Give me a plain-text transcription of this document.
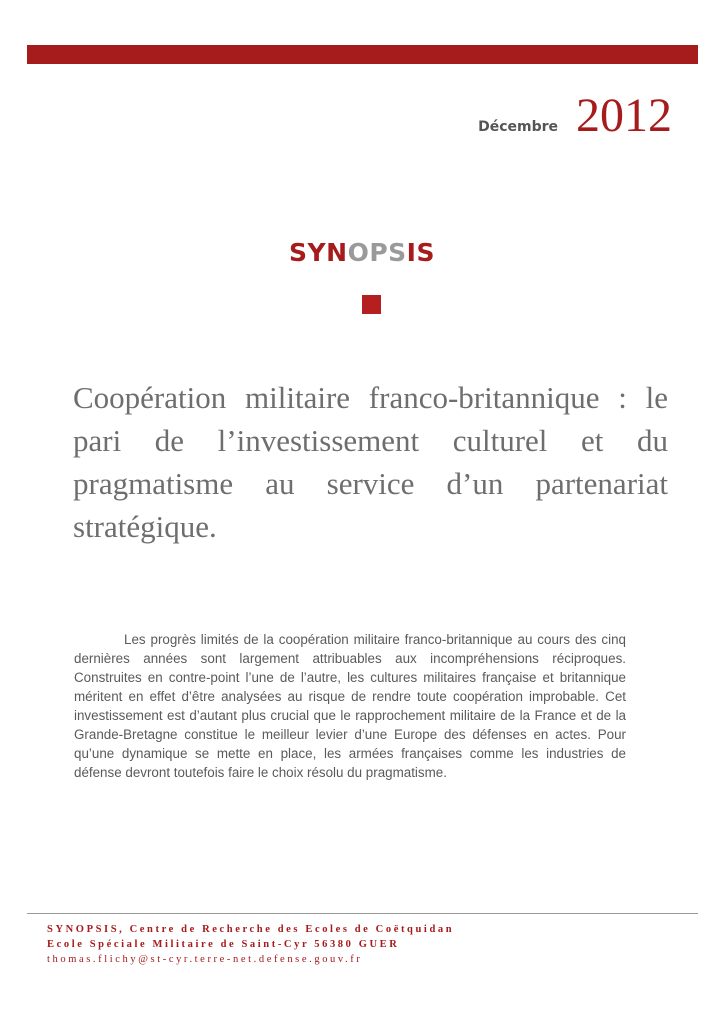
Décembre 2012
SYNOPSIS
Coopération militaire franco-britannique : le pari de l’investissement culturel et du pragmatisme au service d’un partenariat stratégique.

Les progrès limités de la coopération militaire franco-britannique au cours des cinq dernières années sont largement attribuables aux incompréhensions réciproques. Construites en contre-point l’une de l’autre, les cultures militaires française et britannique méritent en effet d’être analysées au risque de rendre toute coopération improbable. Cet investissement est d’autant plus crucial que le rapprochement militaire de la France et de la Grande-Bretagne constitue le meilleur levier d’une Europe des défenses en actes. Pour qu’une dynamique se mette en place, les armées françaises comme les industries de défense devront toutefois faire le choix résolu du pragmatisme.

SYNOPSIS, Centre de Recherche des Ecoles de Coëtquidan
Ecole Spéciale Militaire de Saint-Cyr 56380 GUER
thomas.flichy@st-cyr.terre-net.defense.gouv.fr
